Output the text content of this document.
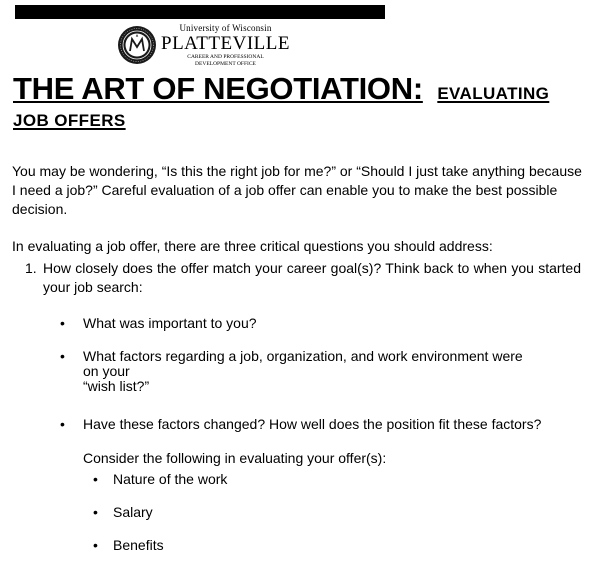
University of Wisconsin
PLATTEVILLE
CAREER AND PROFESSIONAL
DEVELOPMENT OFFICE
THE ART OF NEGOTIATION: EVALUATING
JOB OFFERS
You may be wondering, “Is this the right job for me?” or “Should I just take anything because I need a job?” Careful evaluation of a job offer can enable you to make the best possible decision.
In evaluating a job offer, there are three critical questions you should address:
1. How closely does the offer match your career goal(s)? Think back to when you started your job search:
• What was important to you?
• What factors regarding a job, organization, and work environment were
on your
“wish list?”
• Have these factors changed? How well does the position fit these factors?
Consider the following in evaluating your offer(s):
• Nature of the work
• Salary
• Benefits
